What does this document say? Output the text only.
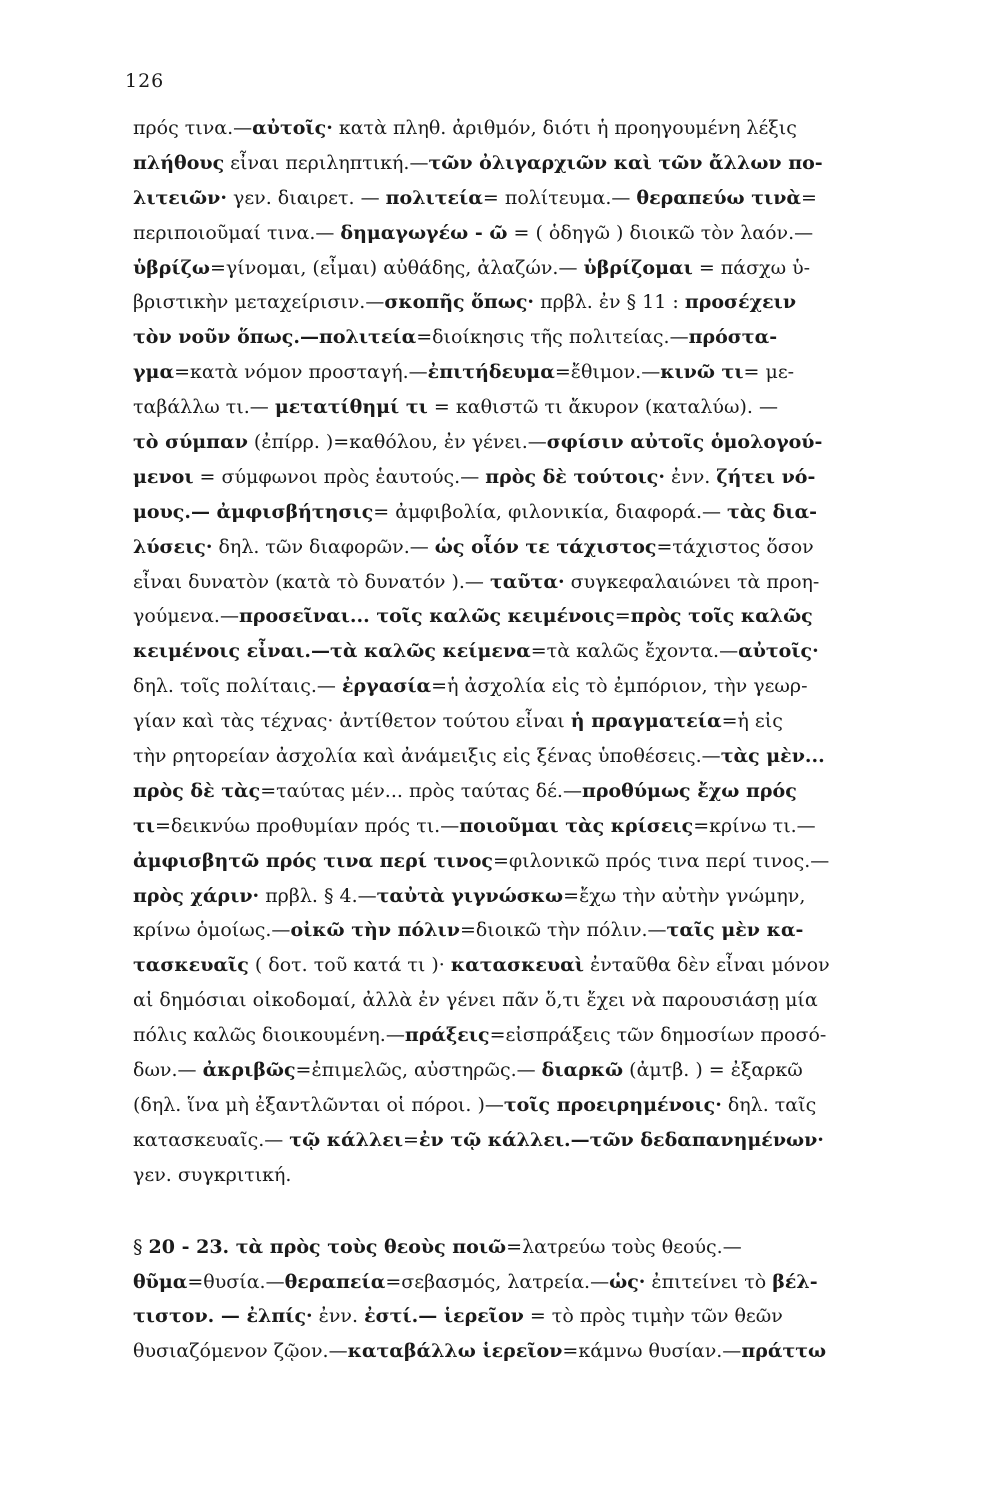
126
πρός τινα.—αὐτοῖς· κατὰ πληθ. ἀριθμόν, διότι ἡ προηγουμένη λέξις
πλήθους εἶναι περιληπτική.—τῶν ὀλιγαρχιῶν καὶ τῶν ἄλλων πο-
λιτειῶν· γεν. διαιρετ. — πολιτεία= πολίτευμα.— θεραπεύω τινὰ=
περιποιοῦμαί τινα.— δημαγωγέω - ῶ = ( ὁδηγῶ ) διοικῶ τὸν λαόν.—
ὑβρίζω=γίνομαι, (εἶμαι) αὐθάδης, ἀλαζών.— ὑβρίζομαι = πάσχω ὑ-
βριστικὴν μεταχείρισιν.—σκοπῆς ὅπως· πρβλ. ἐν § 11 : προσέχειν
τὸν νοῦν ὅπως.—πολιτεία=διοίκησις τῆς πολιτείας.—πρόστα-
γμα=κατὰ νόμον προσταγή.—ἐπιτήδευμα=ἔθιμον.—κινῶ τι= με-
ταβάλλω τι.— μετατίθημί τι = καθιστῶ τι ἄκυρον (καταλύω). —
τὸ σύμπαν (ἐπίρρ. )=καθόλου, ἐν γένει.—σφίσιν αὐτοῖς ὁμολογού-
μενοι = σύμφωνοι πρὸς ἑαυτούς.— πρὸς δὲ τούτοις· ἐνν. ζήτει νό-
μους.— ἀμφισβήτησις= ἀμφιβολία, φιλονικία, διαφορά.— τὰς δια-
λύσεις· δηλ. τῶν διαφορῶν.— ὡς οἷόν τε τάχιστος=τάχιστος ὅσον
εἶναι δυνατὸν (κατὰ τὸ δυνατόν ).— ταῦτα· συγκεφαλαιώνει τὰ προη-
γούμενα.—προσεῖναι... τοῖς καλῶς κειμένοις=πρὸς τοῖς καλῶς
κειμένοις εἶναι.—τὰ καλῶς κείμενα=τὰ καλῶς ἔχοντα.—αὐτοῖς·
δηλ. τοῖς πολίταις.— ἐργασία=ἡ ἀσχολία εἰς τὸ ἐμπόριον, τὴν γεωρ-
γίαν καὶ τὰς τέχνας· ἀντίθετον τούτου εἶναι ἡ πραγματεία=ἡ εἰς
τὴν ρητορείαν ἀσχολία καὶ ἀνάμειξις εἰς ξένας ὑποθέσεις.—τὰς μὲν...
πρὸς δὲ τὰς=ταύτας μέν... πρὸς ταύτας δέ.—προθύμως ἔχω πρός
τι=δεικνύω προθυμίαν πρός τι.—ποιοῦμαι τὰς κρίσεις=κρίνω τι.—
ἀμφισβητῶ πρός τινα περί τινος=φιλονικῶ πρός τινα περί τινος.—
πρὸς χάριν· πρβλ. § 4.—ταὐτὰ γιγνώσκω=ἔχω τὴν αὐτὴν γνώμην,
κρίνω ὁμοίως.—οἰκῶ τὴν πόλιν=διοικῶ τὴν πόλιν.—ταῖς μὲν κα-
τασκευαῖς ( δοτ. τοῦ κατά τι )· κατασκευαὶ ἐνταῦθα δὲν εἶναι μόνον
αἱ δημόσιαι οἰκοδομαί, ἀλλὰ ἐν γένει πᾶν ὅ,τι ἔχει νὰ παρουσιάσῃ μία
πόλις καλῶς διοικουμένη.—πράξεις=εἰσπράξεις τῶν δημοσίων προσό-
δων.— ἀκριβῶς=ἐπιμελῶς, αὐστηρῶς.— διαρκῶ (ἀμτβ. ) = ἐξαρκῶ
(δηλ. ἵνα μὴ ἐξαντλῶνται οἱ πόροι. )—τοῖς προειρημένοις· δηλ. ταῖς
κατασκευαῖς.— τῷ κάλλει=ἐν τῷ κάλλει.—τῶν δεδαπανημένων·
γεν. συγκριτική.
§ 20 - 23. τὰ πρὸς τοὺς θεοὺς ποιῶ=λατρεύω τοὺς θεούς.—
θῦμα=θυσία.—θεραπεία=σεβασμός, λατρεία.—ὡς· ἐπιτείνει τὸ βέλ-
τιστον. — ἐλπίς· ἐνν. ἐστί.— ἱερεῖον = τὸ πρὸς τιμὴν τῶν θεῶν
θυσιαζόμενον ζῷον.—καταβάλλω ἱερεῖον=κάμνω θυσίαν.—πράττω
